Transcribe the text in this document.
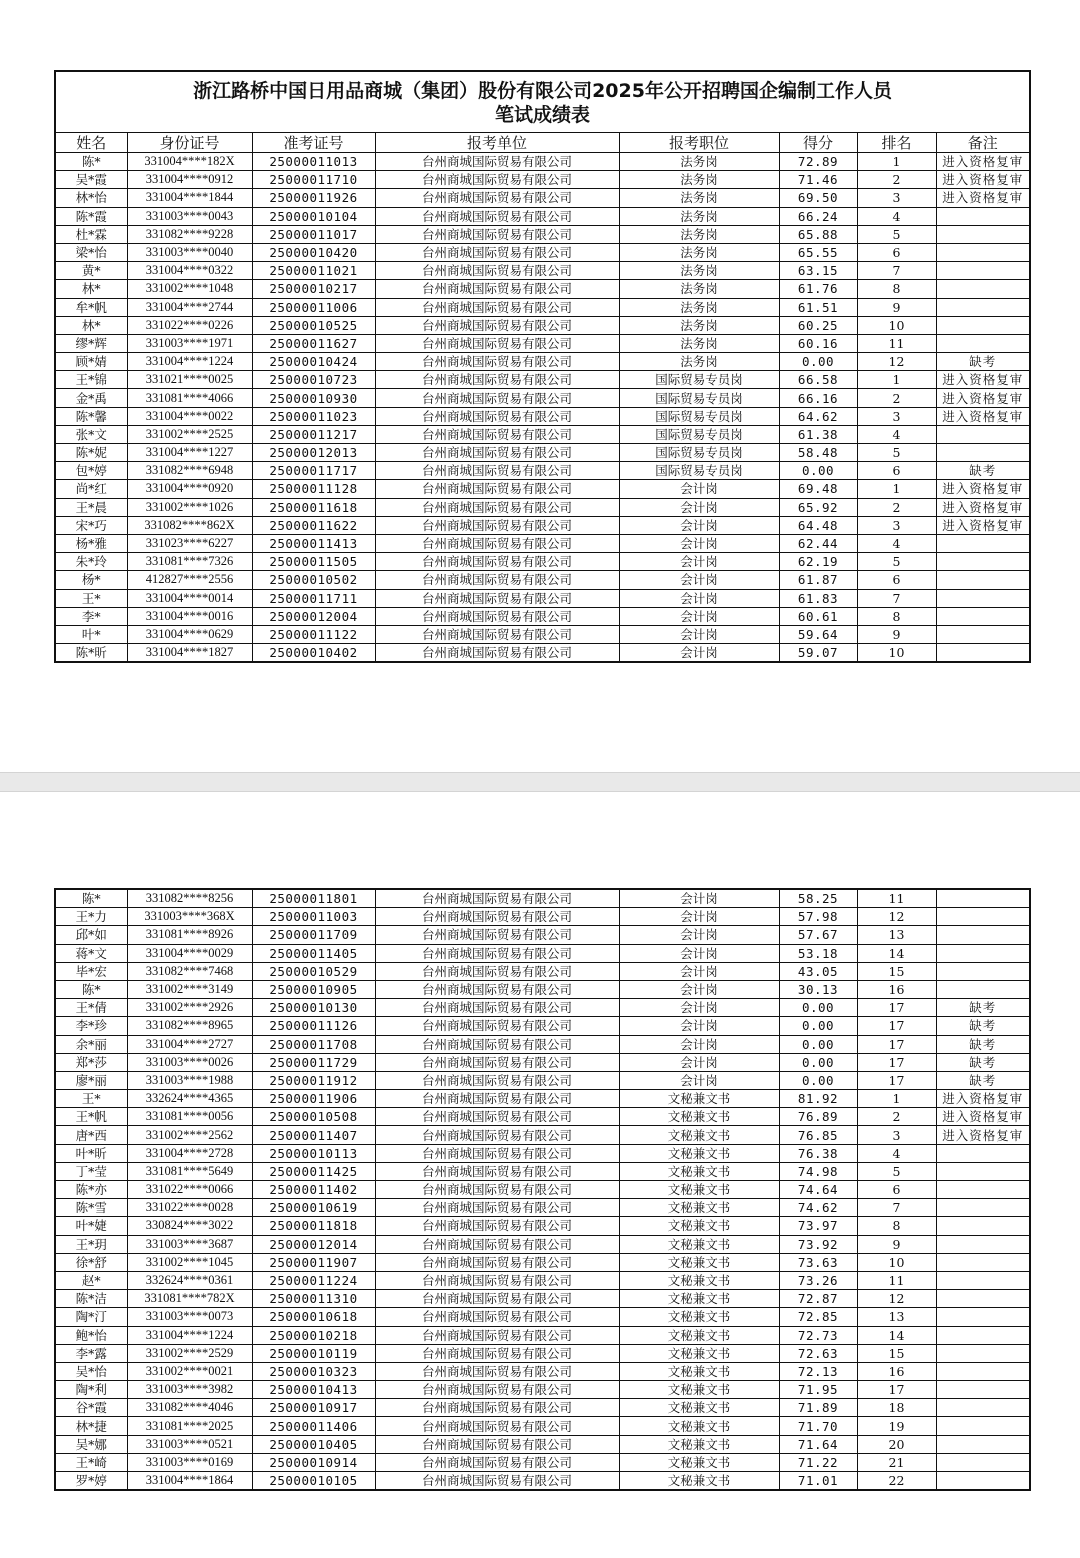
浙江路桥中国日用品商城（集团）股份有限公司2025年公开招聘国企编制工作人员
笔试成绩表							

姓名	身份证号	准考证号	报考单位	报考职位	得分	排名	备注
陈*	331004****182X	25000011013	台州商城国际贸易有限公司	法务岗	72.89	1	进入资格复审
吴*霞	331004****0912	25000011710	台州商城国际贸易有限公司	法务岗	71.46	2	进入资格复审
林*怡	331004****1844	25000011926	台州商城国际贸易有限公司	法务岗	69.50	3	进入资格复审
陈*霞	331003****0043	25000010104	台州商城国际贸易有限公司	法务岗	66.24	4	
杜*霖	331082****9228	25000011017	台州商城国际贸易有限公司	法务岗	65.88	5	
梁*怡	331003****0040	25000010420	台州商城国际贸易有限公司	法务岗	65.55	6	
黄*	331004****0322	25000011021	台州商城国际贸易有限公司	法务岗	63.15	7	
林*	331002****1048	25000010217	台州商城国际贸易有限公司	法务岗	61.76	8	
牟*帆	331004****2744	25000011006	台州商城国际贸易有限公司	法务岗	61.51	9	
林*	331022****0226	25000010525	台州商城国际贸易有限公司	法务岗	60.25	10	
缪*辉	331003****1971	25000011627	台州商城国际贸易有限公司	法务岗	60.16	11	
顾*婧	331004****1224	25000010424	台州商城国际贸易有限公司	法务岗	0.00	12	缺考
王*锦	331021****0025	25000010723	台州商城国际贸易有限公司	国际贸易专员岗	66.58	1	进入资格复审
金*禹	331081****4066	25000010930	台州商城国际贸易有限公司	国际贸易专员岗	66.16	2	进入资格复审
陈*馨	331004****0022	25000011023	台州商城国际贸易有限公司	国际贸易专员岗	64.62	3	进入资格复审
张*文	331002****2525	25000011217	台州商城国际贸易有限公司	国际贸易专员岗	61.38	4	
陈*妮	331004****1227	25000012013	台州商城国际贸易有限公司	国际贸易专员岗	58.48	5	
包*婷	331082****6948	25000011717	台州商城国际贸易有限公司	国际贸易专员岗	0.00	6	缺考
尚*红	331004****0920	25000011128	台州商城国际贸易有限公司	会计岗	69.48	1	进入资格复审
王*晨	331002****1026	25000011618	台州商城国际贸易有限公司	会计岗	65.92	2	进入资格复审
宋*巧	331082****862X	25000011622	台州商城国际贸易有限公司	会计岗	64.48	3	进入资格复审
杨*雅	331023****6227	25000011413	台州商城国际贸易有限公司	会计岗	62.44	4	
朱*玲	331081****7326	25000011505	台州商城国际贸易有限公司	会计岗	62.19	5	
杨*	412827****2556	25000010502	台州商城国际贸易有限公司	会计岗	61.87	6	
王*	331004****0014	25000011711	台州商城国际贸易有限公司	会计岗	61.83	7	
李*	331004****0016	25000012004	台州商城国际贸易有限公司	会计岗	60.61	8	
叶*	331004****0629	25000011122	台州商城国际贸易有限公司	会计岗	59.64	9	
陈*昕	331004****1827	25000010402	台州商城国际贸易有限公司	会计岗	59.07	10	
陈*	331082****8256	25000011801	台州商城国际贸易有限公司	会计岗	58.25	11	
王*力	331003****368X	25000011003	台州商城国际贸易有限公司	会计岗	57.98	12	
邱*如	331081****8926	25000011709	台州商城国际贸易有限公司	会计岗	57.67	13	
蒋*文	331004****0029	25000011405	台州商城国际贸易有限公司	会计岗	53.18	14	
毕*宏	331082****7468	25000010529	台州商城国际贸易有限公司	会计岗	43.05	15	
陈*	331002****3149	25000010905	台州商城国际贸易有限公司	会计岗	30.13	16	
王*倩	331002****2926	25000010130	台州商城国际贸易有限公司	会计岗	0.00	17	缺考
李*珍	331082****8965	25000011126	台州商城国际贸易有限公司	会计岗	0.00	17	缺考
余*丽	331004****2727	25000011708	台州商城国际贸易有限公司	会计岗	0.00	17	缺考
郑*莎	331003****0026	25000011729	台州商城国际贸易有限公司	会计岗	0.00	17	缺考
廖*丽	331003****1988	25000011912	台州商城国际贸易有限公司	会计岗	0.00	17	缺考
王*	332624****4365	25000011906	台州商城国际贸易有限公司	文秘兼文书	81.92	1	进入资格复审
王*帆	331081****0056	25000010508	台州商城国际贸易有限公司	文秘兼文书	76.89	2	进入资格复审
唐*西	331002****2562	25000011407	台州商城国际贸易有限公司	文秘兼文书	76.85	3	进入资格复审
叶*昕	331004****2728	25000010113	台州商城国际贸易有限公司	文秘兼文书	76.38	4	
丁*莹	331081****5649	25000011425	台州商城国际贸易有限公司	文秘兼文书	74.98	5	
陈*亦	331022****0066	25000011402	台州商城国际贸易有限公司	文秘兼文书	74.64	6	
陈*雪	331022****0028	25000010619	台州商城国际贸易有限公司	文秘兼文书	74.62	7	
叶*婕	330824****3022	25000011818	台州商城国际贸易有限公司	文秘兼文书	73.97	8	
王*玥	331003****3687	25000012014	台州商城国际贸易有限公司	文秘兼文书	73.92	9	
徐*舒	331002****1045	25000011907	台州商城国际贸易有限公司	文秘兼文书	73.63	10	
赵*	332624****0361	25000011224	台州商城国际贸易有限公司	文秘兼文书	73.26	11	
陈*洁	331081****782X	25000011310	台州商城国际贸易有限公司	文秘兼文书	72.87	12	
陶*汀	331003****0073	25000010618	台州商城国际贸易有限公司	文秘兼文书	72.85	13	
鲍*怡	331004****1224	25000010218	台州商城国际贸易有限公司	文秘兼文书	72.73	14	
李*露	331002****2529	25000010119	台州商城国际贸易有限公司	文秘兼文书	72.63	15	
吴*怡	331002****0021	25000010323	台州商城国际贸易有限公司	文秘兼文书	72.13	16	
陶*利	331003****3982	25000010413	台州商城国际贸易有限公司	文秘兼文书	71.95	17	
谷*霞	331082****4046	25000010917	台州商城国际贸易有限公司	文秘兼文书	71.89	18	
林*捷	331081****2025	25000011406	台州商城国际贸易有限公司	文秘兼文书	71.70	19	
吴*娜	331003****0521	25000010405	台州商城国际贸易有限公司	文秘兼文书	71.64	20	
王*崎	331003****0169	25000010914	台州商城国际贸易有限公司	文秘兼文书	71.22	21	
罗*婷	331004****1864	25000010105	台州商城国际贸易有限公司	文秘兼文书	71.01	22	
